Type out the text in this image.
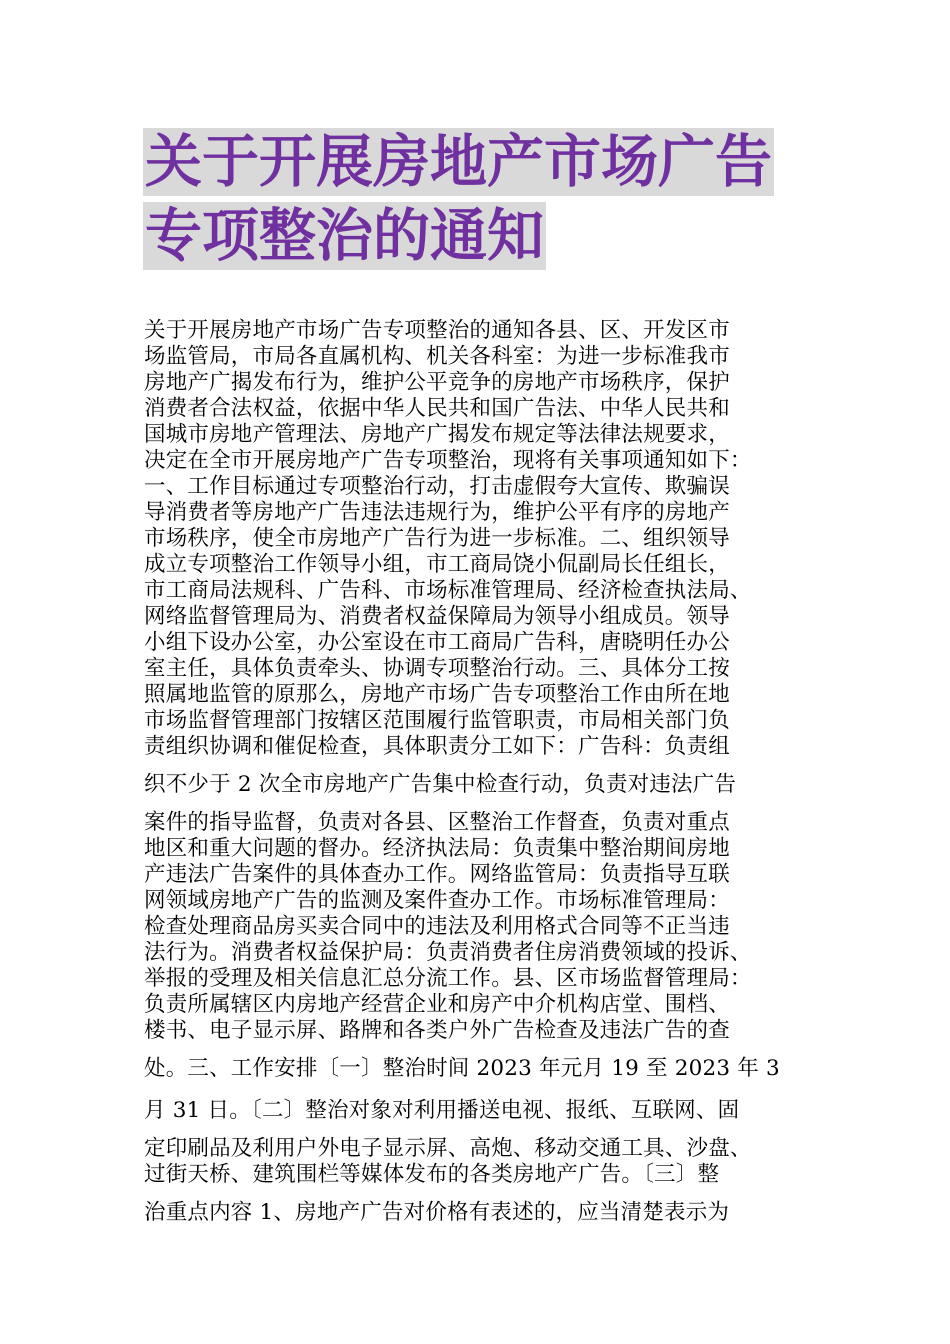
关于开展房地产市场广告
专项整治的通知
关于开展房地产市场广告专项整治的通知各县、区、开发区市
场监管局，市局各直属机构、机关各科室：为进一步标准我市
房地产广揭发布行为，维护公平竞争的房地产市场秩序，保护
消费者合法权益，依据中华人民共和国广告法、中华人民共和
国城市房地产管理法、房地产广揭发布规定等法律法规要求，
决定在全市开展房地产广告专项整治，现将有关事项通知如下：
一、工作目标通过专项整治行动，打击虚假夸大宣传、欺骗误
导消费者等房地产广告违法违规行为，维护公平有序的房地产
市场秩序，使全市房地产广告行为进一步标准。二、组织领导
成立专项整治工作领导小组，市工商局饶小侃副局长任组长，
市工商局法规科、广告科、市场标准管理局、经济检查执法局、
网络监督管理局为、消费者权益保障局为领导小组成员。领导
小组下设办公室，办公室设在市工商局广告科，唐晓明任办公
室主任，具体负责牵头、协调专项整治行动。三、具体分工按
照属地监管的原那么，房地产市场广告专项整治工作由所在地
市场监督管理部门按辖区范围履行监管职责，市局相关部门负
责组织协调和催促检查，具体职责分工如下：广告科：负责组
织不少于 2 次全市房地产广告集中检查行动，负责对违法广告
案件的指导监督，负责对各县、区整治工作督查，负责对重点
地区和重大问题的督办。经济执法局：负责集中整治期间房地
产违法广告案件的具体查办工作。网络监管局：负责指导互联
网领域房地产广告的监测及案件查办工作。市场标准管理局：
检查处理商品房买卖合同中的违法及利用格式合同等不正当违
法行为。消费者权益保护局：负责消费者住房消费领域的投诉、
举报的受理及相关信息汇总分流工作。县、区市场监督管理局：
负责所属辖区内房地产经营企业和房产中介机构店堂、围档、
楼书、电子显示屏、路牌和各类户外广告检查及违法广告的查
处。三、工作安排〔一〕整治时间 2023 年元月 19 至 2023 年 3
月 31 日。〔二〕整治对象对利用播送电视、报纸、互联网、固
定印刷品及利用户外电子显示屏、高炮、移动交通工具、沙盘、
过街天桥、建筑围栏等媒体发布的各类房地产广告。〔三〕整
治重点内容 1、房地产广告对价格有表述的，应当清楚表示为
